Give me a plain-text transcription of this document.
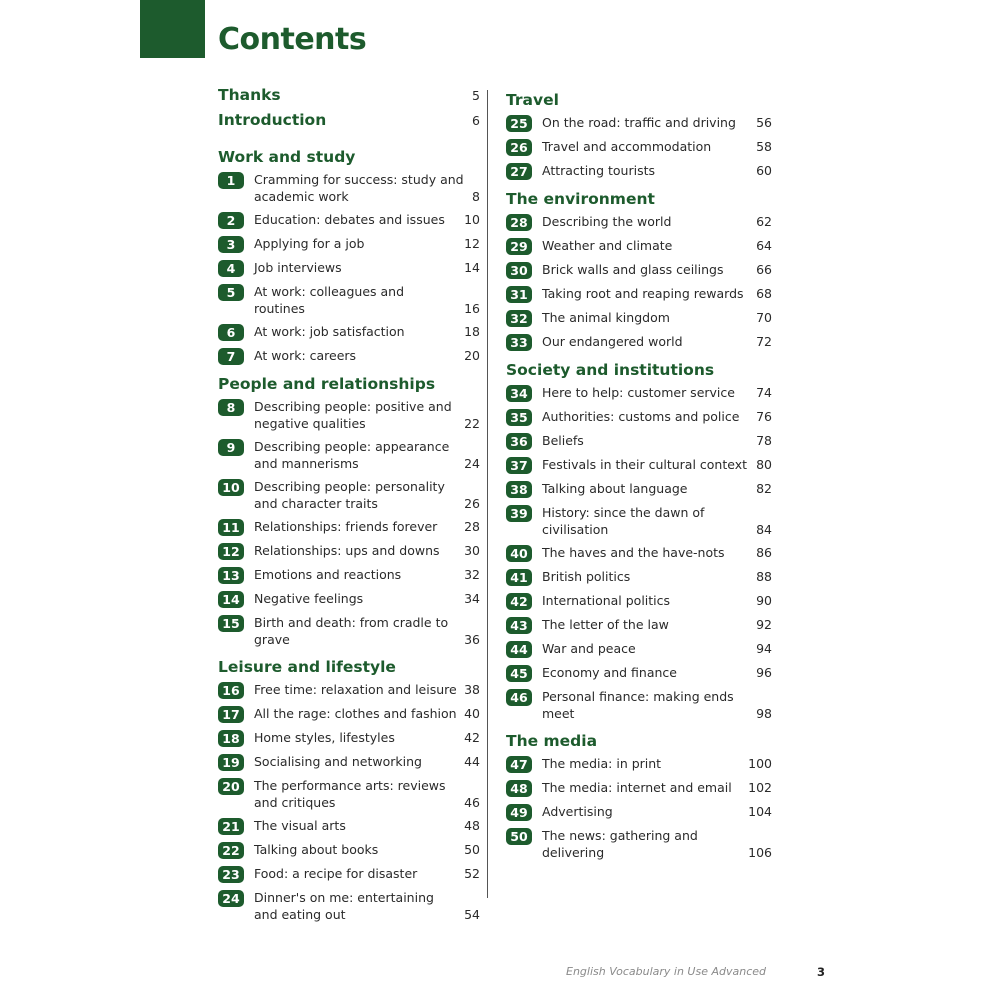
Contents
Thanks	5
Introduction	6
Work and study
1	Cramming for success: study and academic work	8
2	Education: debates and issues	10
3	Applying for a job	12
4	Job interviews	14
5	At work: colleagues and routines	16
6	At work: job satisfaction	18
7	At work: careers	20
People and relationships
8	Describing people: positive and negative qualities	22
9	Describing people: appearance and mannerisms	24
10	Describing people: personality and character traits	26
11	Relationships: friends forever	28
12	Relationships: ups and downs	30
13	Emotions and reactions	32
14	Negative feelings	34
15	Birth and death: from cradle to grave	36
Leisure and lifestyle
16	Free time: relaxation and leisure 38
17	All the rage: clothes and fashion 40
18	Home styles, lifestyles	42
19	Socialising and networking	44
20	The performance arts: reviews and critiques	46
21	The visual arts	48
22	Talking about books	50
23	Food: a recipe for disaster	52
24	Dinner's on me: entertaining and eating out	54
Travel
25	On the road: traffic and driving	56
26	Travel and accommodation	58
27	Attracting tourists	60
The environment
28	Describing the world	62
29	Weather and climate	64
30	Brick walls and glass ceilings	66
31	Taking root and reaping rewards	68
32	The animal kingdom	70
33	Our endangered world	72
Society and institutions
34	Here to help: customer service	74
35	Authorities: customs and police	76
36	Beliefs	78
37	Festivals in their cultural context 80
38	Talking about language	82
39	History: since the dawn of civilisation	84
40	The haves and the have-nots	86
41	British politics	88
42	International politics	90
43	The letter of the law	92
44	War and peace	94
45	Economy and finance	96
46	Personal finance: making ends meet	98
The media
47	The media: in print	100
48	The media: internet and email	102
49	Advertising	104
50	The news: gathering and delivering	106
English Vocabulary in Use Advanced	3
